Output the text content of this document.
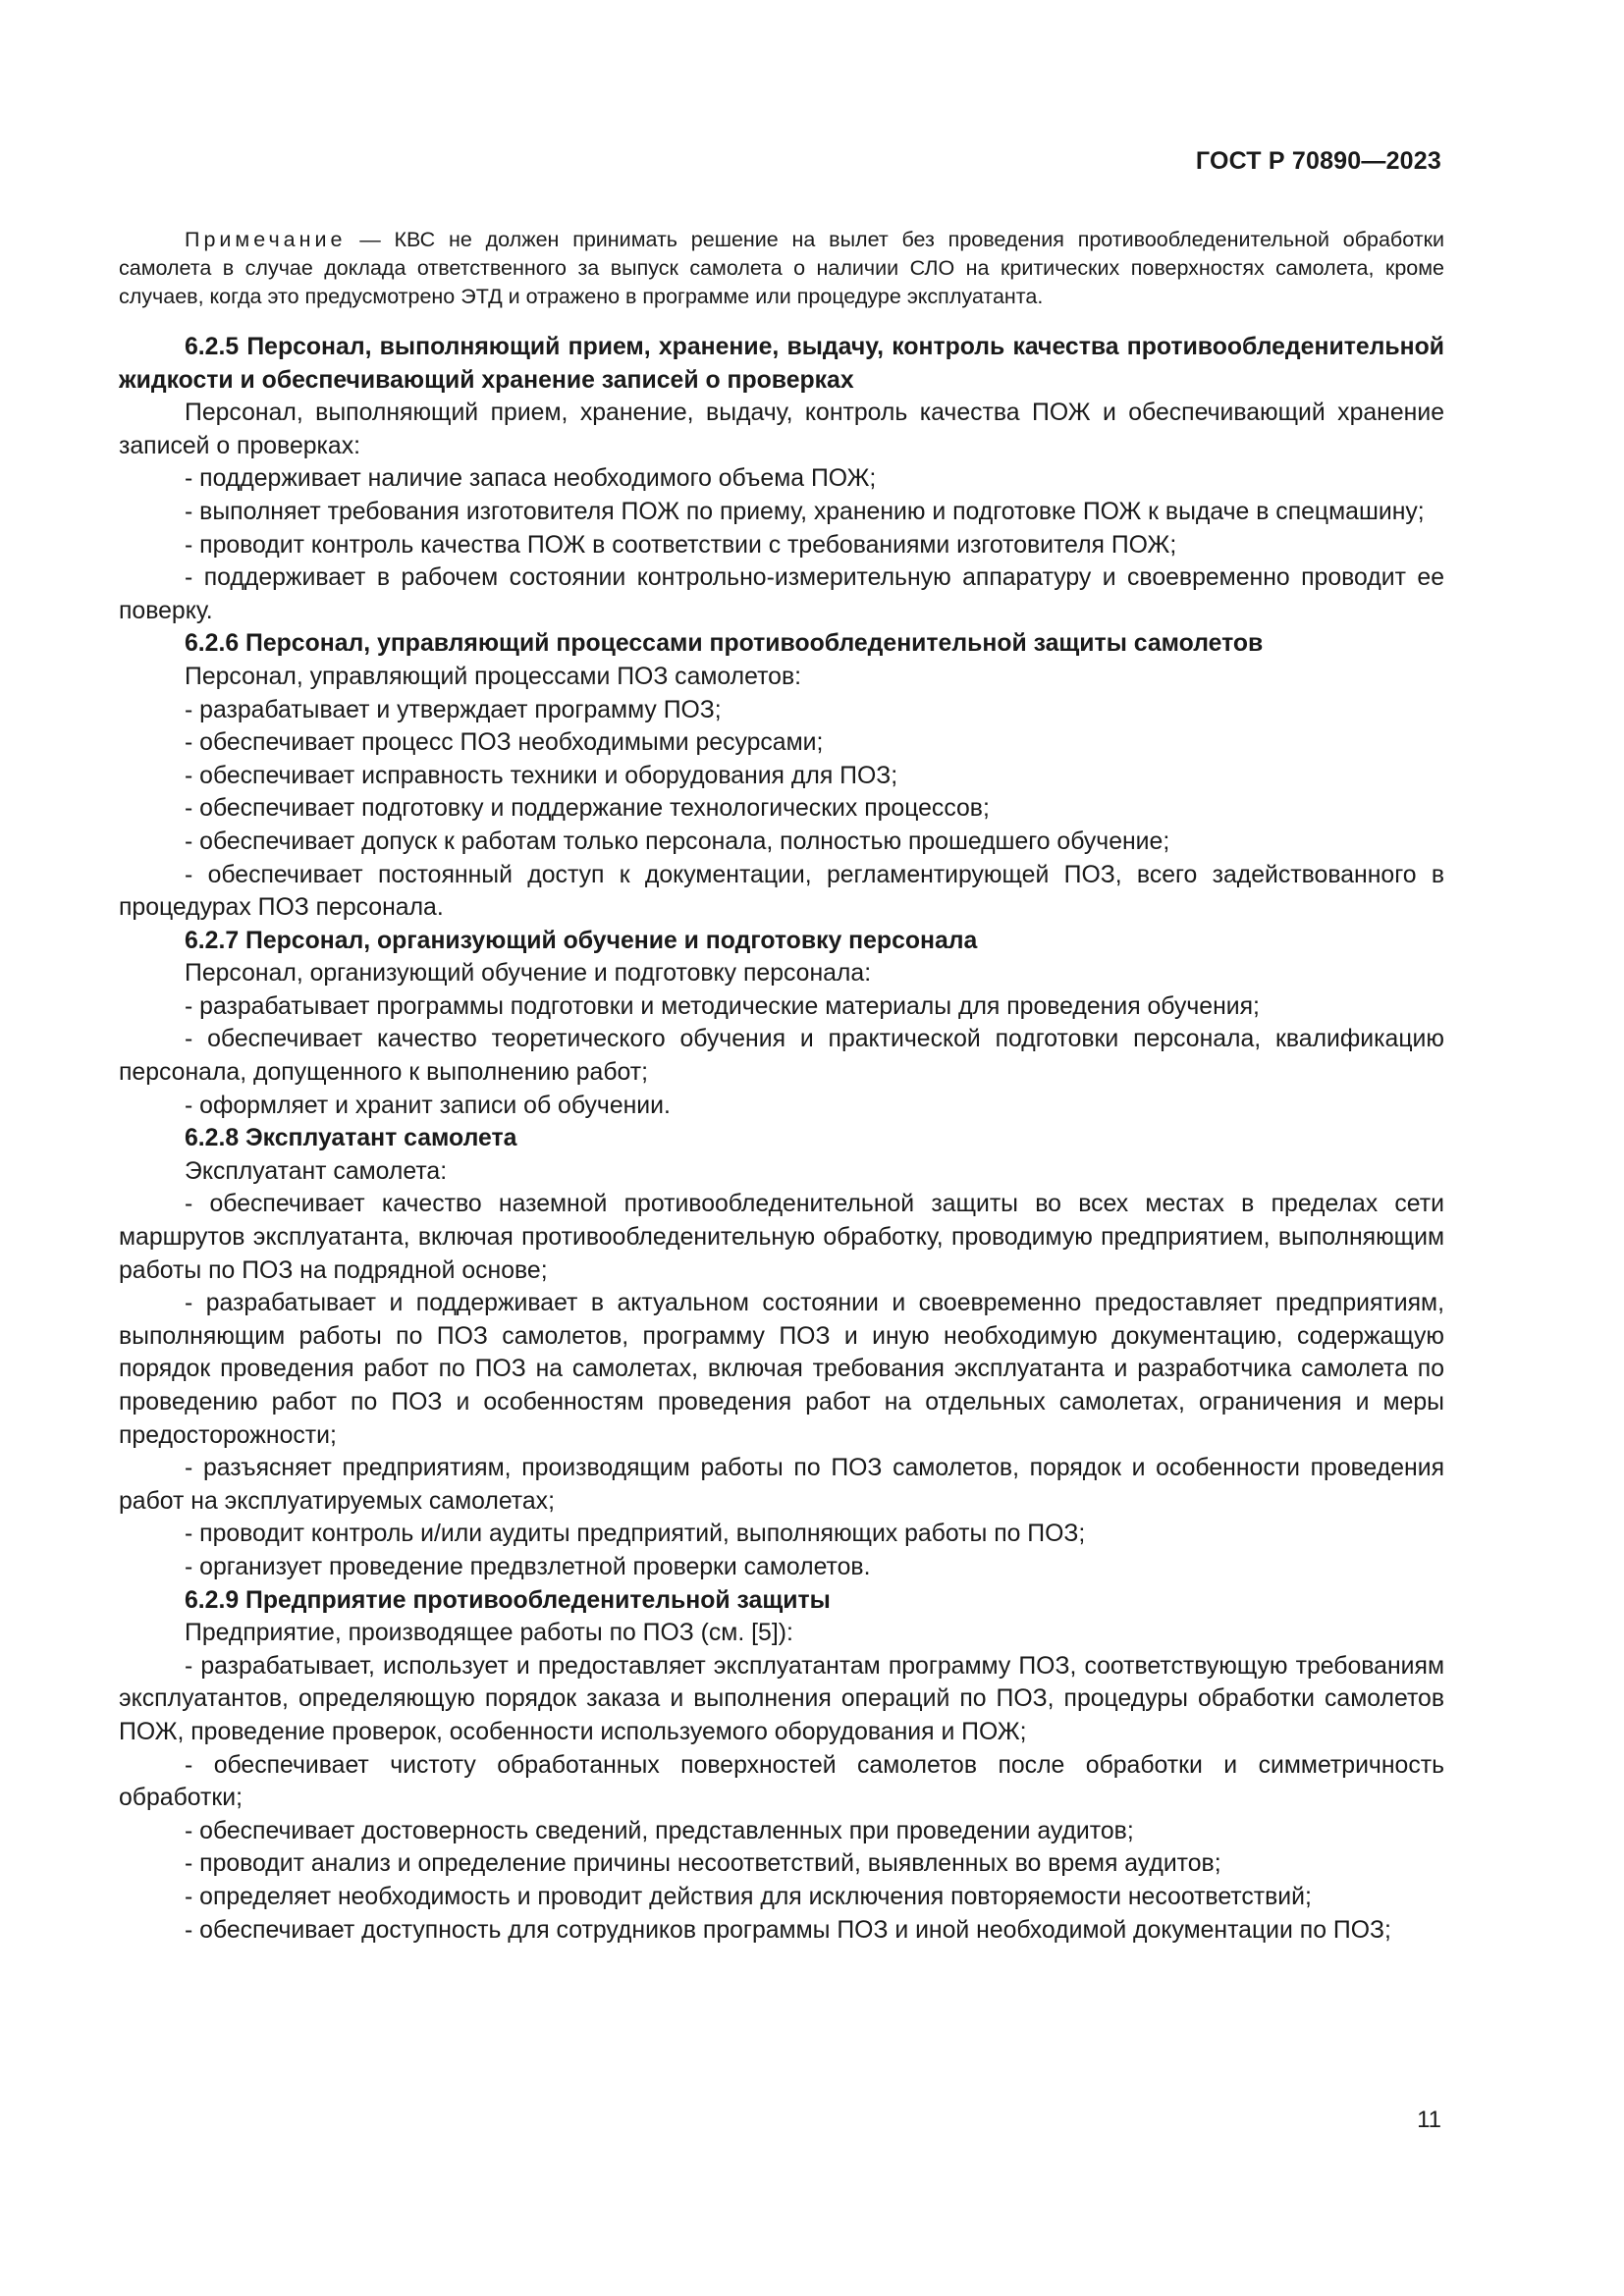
ГОСТ Р 70890—2023

Примечание — КВС не должен принимать решение на вылет без проведения противообледенительной обработки самолета в случае доклада ответственного за выпуск самолета о наличии СЛО на критических поверхностях самолета, кроме случаев, когда это предусмотрено ЭТД и отражено в программе или процедуре эксплуатанта.

6.2.5 Персонал, выполняющий прием, хранение, выдачу, контроль качества противообледенительной жидкости и обеспечивающий хранение записей о проверках

Персонал, выполняющий прием, хранение, выдачу, контроль качества ПОЖ и обеспечивающий хранение записей о проверках:

- поддерживает наличие запаса необходимого объема ПОЖ;

- выполняет требования изготовителя ПОЖ по приему, хранению и подготовке ПОЖ к выдаче в спецмашину;

- проводит контроль качества ПОЖ в соответствии с требованиями изготовителя ПОЖ;

- поддерживает в рабочем состоянии контрольно-измерительную аппаратуру и своевременно проводит ее поверку.

6.2.6 Персонал, управляющий процессами противообледенительной защиты самолетов

Персонал, управляющий процессами ПОЗ самолетов:

- разрабатывает и утверждает программу ПОЗ;

- обеспечивает процесс ПОЗ необходимыми ресурсами;

- обеспечивает исправность техники и оборудования для ПОЗ;

- обеспечивает подготовку и поддержание технологических процессов;

- обеспечивает допуск к работам только персонала, полностью прошедшего обучение;

- обеспечивает постоянный доступ к документации, регламентирующей ПОЗ, всего задействованного в процедурах ПОЗ персонала.

6.2.7 Персонал, организующий обучение и подготовку персонала

Персонал, организующий обучение и подготовку персонала:

- разрабатывает программы подготовки и методические материалы для проведения обучения;

- обеспечивает качество теоретического обучения и практической подготовки персонала, квалификацию персонала, допущенного к выполнению работ;

- оформляет и хранит записи об обучении.

6.2.8 Эксплуатант самолета

Эксплуатант самолета:

- обеспечивает качество наземной противообледенительной защиты во всех местах в пределах сети маршрутов эксплуатанта, включая противообледенительную обработку, проводимую предприятием, выполняющим работы по ПОЗ на подрядной основе;

- разрабатывает и поддерживает в актуальном состоянии и своевременно предоставляет предприятиям, выполняющим работы по ПОЗ самолетов, программу ПОЗ и иную необходимую документацию, содержащую порядок проведения работ по ПОЗ на самолетах, включая требования эксплуатанта и разработчика самолета по проведению работ по ПОЗ и особенностям проведения работ на отдельных самолетах, ограничения и меры предосторожности;

- разъясняет предприятиям, производящим работы по ПОЗ самолетов, порядок и особенности проведения работ на эксплуатируемых самолетах;

- проводит контроль и/или аудиты предприятий, выполняющих работы по ПОЗ;

- организует проведение предвзлетной проверки самолетов.

6.2.9 Предприятие противообледенительной защиты

Предприятие, производящее работы по ПОЗ (см. [5]):

- разрабатывает, использует и предоставляет эксплуатантам программу ПОЗ, соответствующую требованиям эксплуатантов, определяющую порядок заказа и выполнения операций по ПОЗ, процедуры обработки самолетов ПОЖ, проведение проверок, особенности используемого оборудования и ПОЖ;

- обеспечивает чистоту обработанных поверхностей самолетов после обработки и симметричность обработки;

- обеспечивает достоверность сведений, представленных при проведении аудитов;

- проводит анализ и определение причины несоответствий, выявленных во время аудитов;

- определяет необходимость и проводит действия для исключения повторяемости несоответствий;

- обеспечивает доступность для сотрудников программы ПОЗ и иной необходимой документации по ПОЗ;

11
